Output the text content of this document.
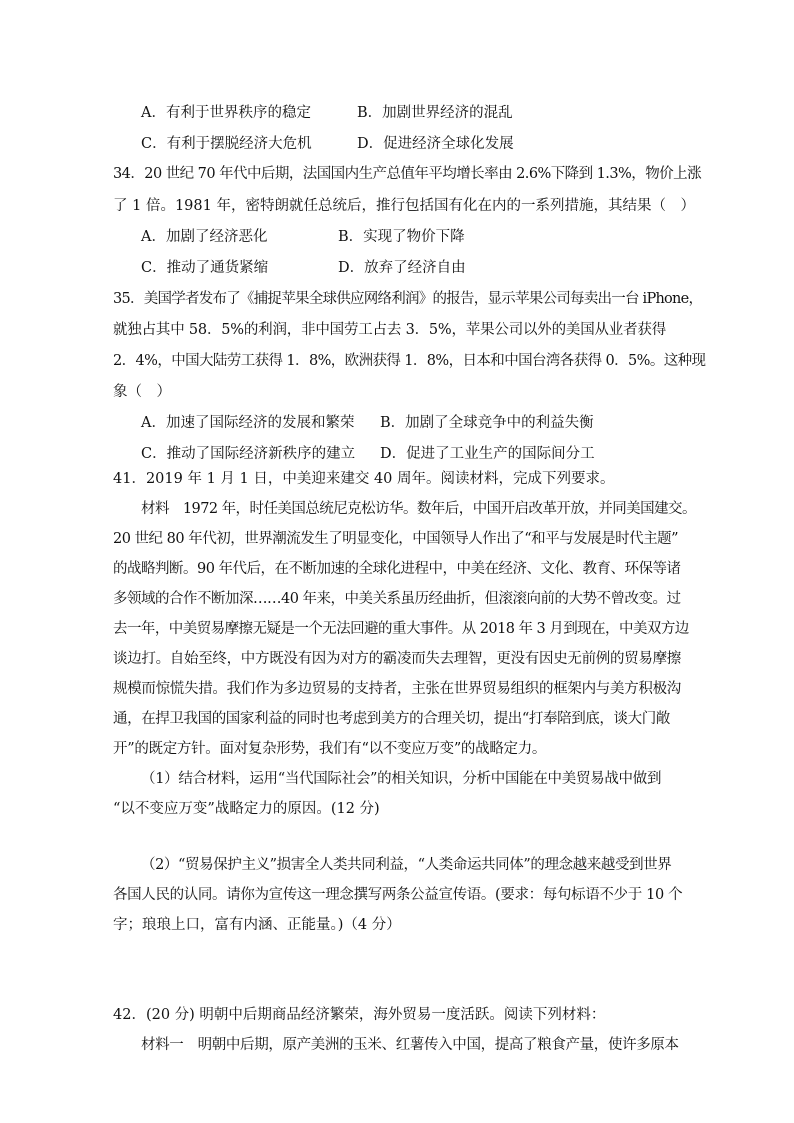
A．有利于世界秩序的稳定	B．加剧世界经济的混乱
C．有利于摆脱经济大危机	D．促进经济全球化发展
34．20 世纪 70 年代中后期，法国国内生产总值年平均增长率由 2.6%下降到 1.3%，物价上涨
了 1 倍。1981 年，密特朗就任总统后，推行包括国有化在内的一系列措施，其结果（　）
A．加剧了经济恶化	B．实现了物价下降
C．推动了通货紧缩	D．放弃了经济自由
35．美国学者发布了《捕捉苹果全球供应网络利润》的报告，显示苹果公司每卖出一台 iPhone，
就独占其中 58．5%的利润，非中国劳工占去 3．5%，苹果公司以外的美国从业者获得
2．4%，中国大陆劳工获得 1．8%，欧洲获得 1．8%，日本和中国台湾各获得 0．5%。这种现
象（　）
A．加速了国际经济的发展和繁荣 B．加剧了全球竞争中的利益失衡
C．推动了国际经济新秩序的建立 D．促进了工业生产的国际间分工
41．2019 年 1 月 1 日，中美迎来建交 40 周年。阅读材料，完成下列要求。
材料　1972 年，时任美国总统尼克松访华。数年后，中国开启改革开放，并同美国建交。
20 世纪 80 年代初，世界潮流发生了明显变化，中国领导人作出了“和平与发展是时代主题”
的战略判断。90 年代后，在不断加速的全球化进程中，中美在经济、文化、教育、环保等诸
多领域的合作不断加深……40 年来，中美关系虽历经曲折，但滚滚向前的大势不曾改变。过
去一年，中美贸易摩擦无疑是一个无法回避的重大事件。从 2018 年 3 月到现在，中美双方边
谈边打。自始至终，中方既没有因为对方的霸凌而失去理智，更没有因史无前例的贸易摩擦
规模而惊慌失措。我们作为多边贸易的支持者，主张在世界贸易组织的框架内与美方积极沟
通，在捍卫我国的国家利益的同时也考虑到美方的合理关切，提出“打奉陪到底，谈大门敞
开”的既定方针。面对复杂形势，我们有“以不变应万变”的战略定力。
（1）结合材料，运用“当代国际社会”的相关知识，分析中国能在中美贸易战中做到
“以不变应万变”战略定力的原因。(12 分)
（2）“贸易保护主义”损害全人类共同利益，“人类命运共同体”的理念越来越受到世界
各国人民的认同。请你为宣传这一理念撰写两条公益宣传语。(要求：每句标语不少于 10 个
字；琅琅上口，富有内涵、正能量。)（4 分）
42．(20 分) 明朝中后期商品经济繁荣，海外贸易一度活跃。阅读下列材料：
材料一　明朝中后期，原产美洲的玉米、红薯传入中国，提高了粮食产量，使许多原本
